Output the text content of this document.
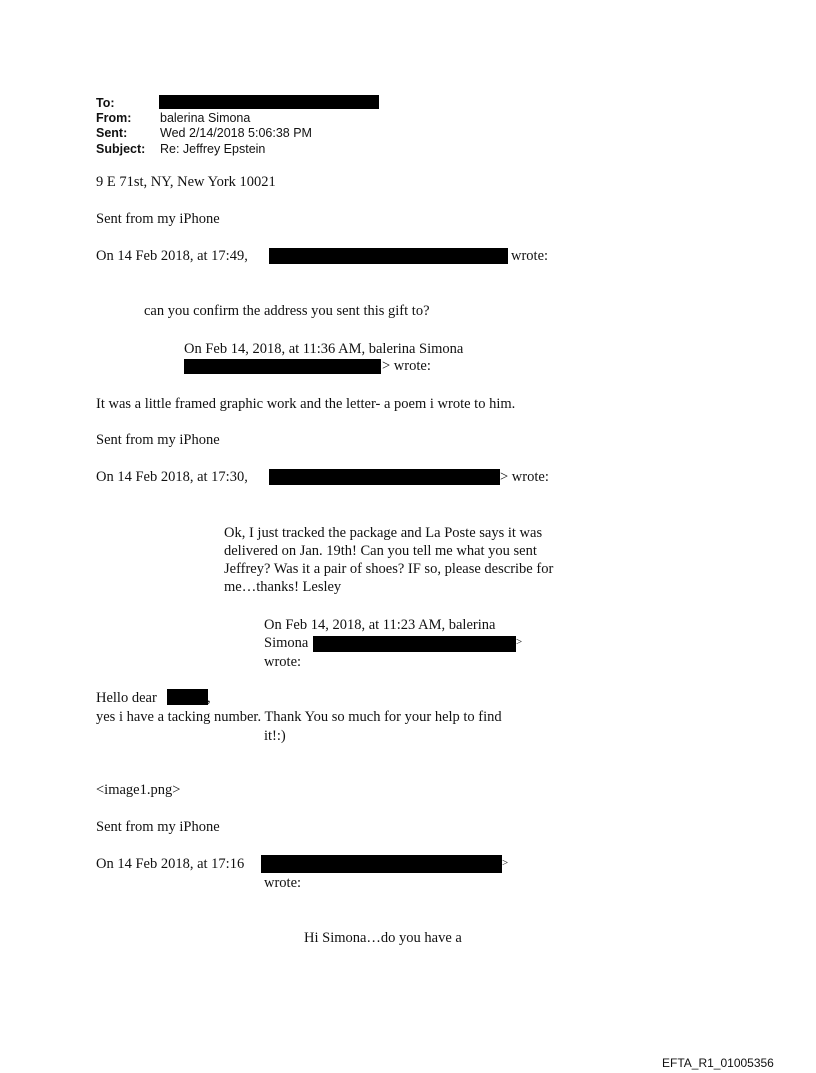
To:
From: balerina Simona
Sent:	Wed 2/14/2018 5:06:38 PM
Subject: Re: Jeffrey Epstein
9 E 71st, NY, New York 10021
Sent from my iPhone
On 14 Feb 2018, at 17:49,	wrote:
can you confirm the address you sent this gift to?
On Feb 14, 2018, at 11:36 AM, balerina Simona
> wrote:
It was a little framed graphic work and the letter- a poem i wrote to him.
Sent from my iPhone
On 14 Feb 2018, at 17:30,	> wrote:
Ok, I just tracked the package and La Poste says it was
delivered on Jan. 19th! Can you tell me what you sent
Jeffrey? Was it a pair of shoes? IF so, please describe for
me…thanks! Lesley
On Feb 14, 2018, at 11:23 AM, balerina
Simona	>
wrote:
Hello dear	,
yes i have a tacking number. Thank You so much for your help to find
it!:)
<image1.png>
Sent from my iPhone
On 14 Feb 2018, at 17:16	>
wrote:
Hi Simona…do you have a
EFTA_R1_01005356
